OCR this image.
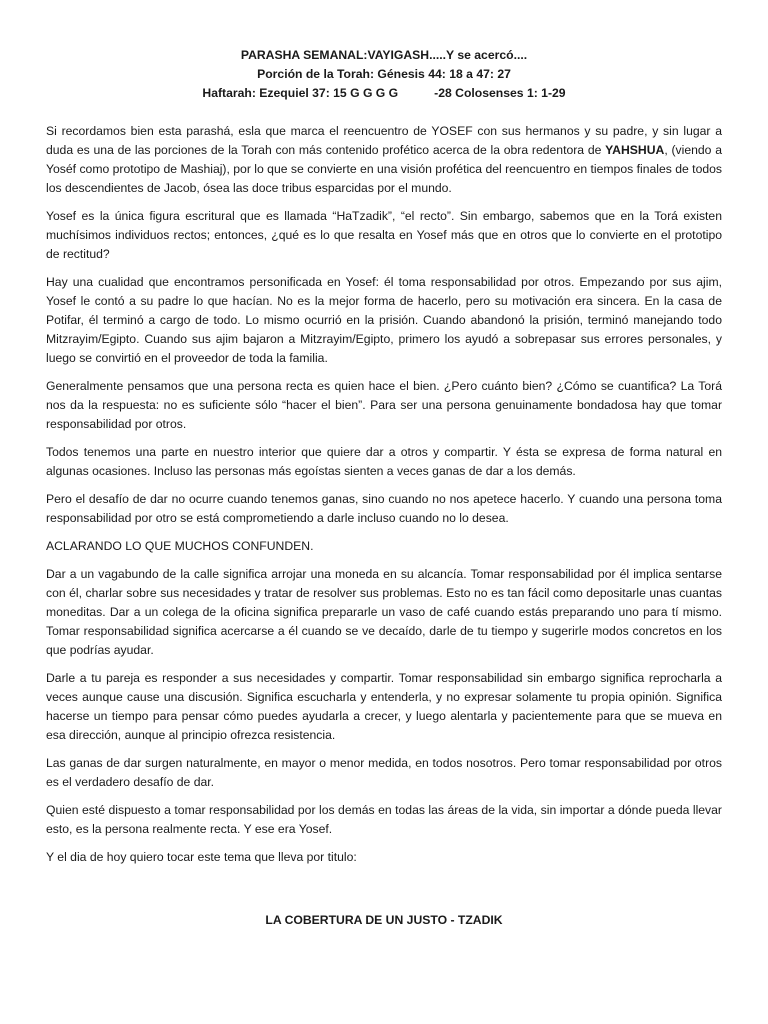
PARASHA SEMANAL:VAYIGASH.....Y se acercó....
Porción de la Torah: Génesis 44: 18 a 47: 27
Haftarah: Ezequiel 37: 15 G G G G	-28 Colosenses 1: 1-29

Si recordamos bien esta parashá, esla que marca el reencuentro de YOSEF con sus hermanos y su padre, y sin lugar a duda es una de las porciones de la Torah con más contenido profético acerca de la obra redentora de YAHSHUA, (viendo a Yoséf como prototipo de Mashiaj), por lo que se convierte en una visión profética del reencuentro en tiempos finales de todos los descendientes de Jacob, ósea las doce tribus esparcidas por el mundo.

Yosef es la única figura escritural que es llamada “HaTzadik”, “el recto”. Sin embargo, sabemos que en la Torá existen muchísimos individuos rectos; entonces, ¿qué es lo que resalta en Yosef más que en otros que lo convierte en el prototipo de rectitud?

Hay una cualidad que encontramos personificada en Yosef: él toma responsabilidad por otros. Empezando por sus ajim, Yosef le contó a su padre lo que hacían. No es la mejor forma de hacerlo, pero su motivación era sincera. En la casa de Potifar, él terminó a cargo de todo. Lo mismo ocurrió en la prisión. Cuando abandonó la prisión, terminó manejando todo Mitzrayim/Egipto. Cuando sus ajim bajaron a Mitzrayim/Egipto, primero los ayudó a sobrepasar sus errores personales, y luego se convirtió en el proveedor de toda la familia.

Generalmente pensamos que una persona recta es quien hace el bien. ¿Pero cuánto bien? ¿Cómo se cuantifica? La Torá nos da la respuesta: no es suficiente sólo “hacer el bien”. Para ser una persona genuinamente bondadosa hay que tomar responsabilidad por otros.

Todos tenemos una parte en nuestro interior que quiere dar a otros y compartir. Y ésta se expresa de forma natural en algunas ocasiones. Incluso las personas más egoístas sienten a veces ganas de dar a los demás.

Pero el desafío de dar no ocurre cuando tenemos ganas, sino cuando no nos apetece hacerlo. Y cuando una persona toma responsabilidad por otro se está comprometiendo a darle incluso cuando no lo desea.

ACLARANDO LO QUE MUCHOS CONFUNDEN.

Dar a un vagabundo de la calle significa arrojar una moneda en su alcancía. Tomar responsabilidad por él implica sentarse con él, charlar sobre sus necesidades y tratar de resolver sus problemas. Esto no es tan fácil como depositarle unas cuantas moneditas. Dar a un colega de la oficina significa prepararle un vaso de café cuando estás preparando uno para tí mismo. Tomar responsabilidad significa acercarse a él cuando se ve decaído, darle de tu tiempo y sugerirle modos concretos en los que podrías ayudar.

Darle a tu pareja es responder a sus necesidades y compartir. Tomar responsabilidad sin embargo significa reprocharla a veces aunque cause una discusión. Significa escucharla y entenderla, y no expresar solamente tu propia opinión. Significa hacerse un tiempo para pensar cómo puedes ayudarla a crecer, y luego alentarla y pacientemente para que se mueva en esa dirección, aunque al principio ofrezca resistencia.

Las ganas de dar surgen naturalmente, en mayor o menor medida, en todos nosotros. Pero tomar responsabilidad por otros es el verdadero desafío de dar.

Quien esté dispuesto a tomar responsabilidad por los demás en todas las áreas de la vida, sin importar a dónde pueda llevar esto, es la persona realmente recta. Y ese era Yosef.

Y el dia de hoy quiero tocar este tema que lleva por titulo:

LA COBERTURA DE UN JUSTO - TZADIK
